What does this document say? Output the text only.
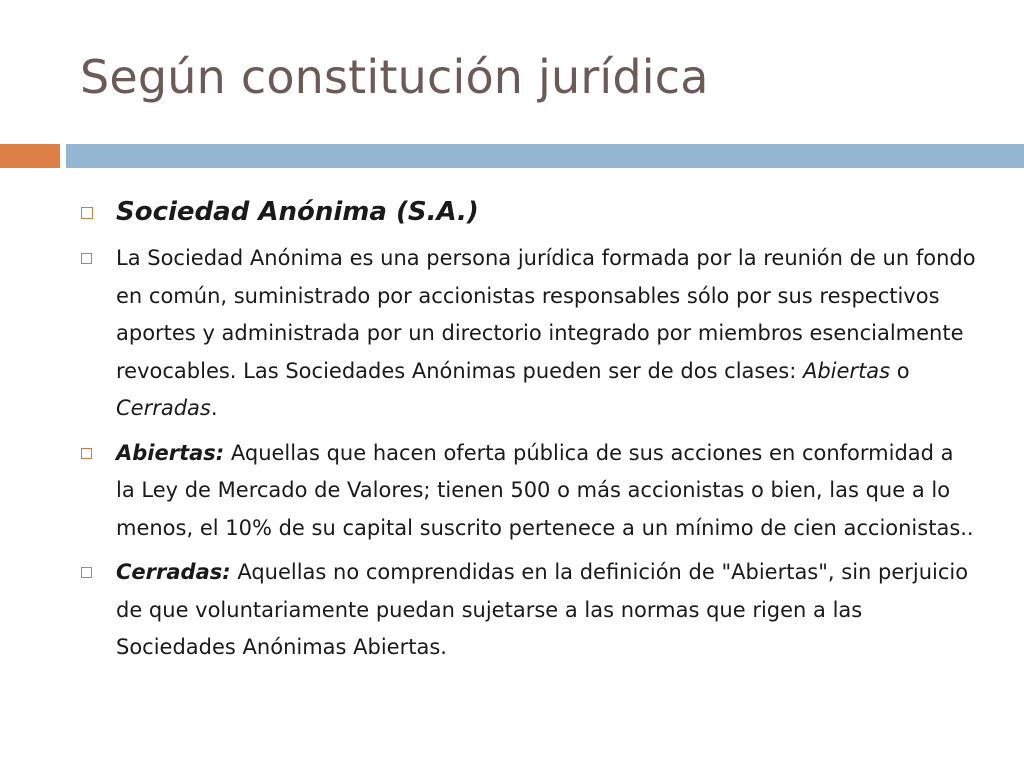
Según constitución jurídica
Sociedad Anónima (S.A.)
La Sociedad Anónima es una persona jurídica formada por la reunión de un fondo en común, suministrado por accionistas responsables sólo por sus respectivos aportes y administrada por un directorio integrado por miembros esencialmente revocables. Las Sociedades Anónimas pueden ser de dos clases: Abiertas o Cerradas.
Abiertas: Aquellas que hacen oferta pública de sus acciones en conformidad a la Ley de Mercado de Valores; tienen 500 o más accionistas o bien, las que a lo menos, el 10% de su capital suscrito pertenece a un mínimo de cien accionistas..
Cerradas: Aquellas no comprendidas en la definición de "Abiertas", sin perjuicio de que voluntariamente puedan sujetarse a las normas que rigen a las Sociedades Anónimas Abiertas.
